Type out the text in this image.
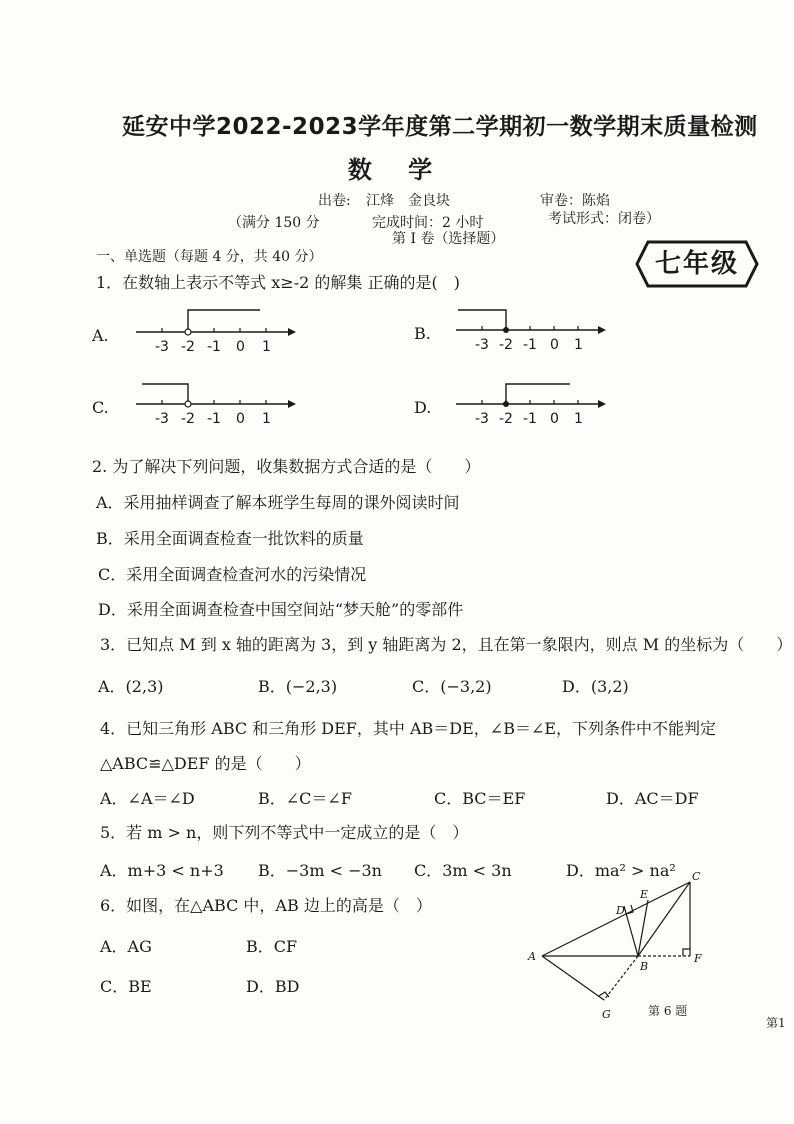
延安中学2022-2023学年度第二学期初一数学期末质量检测
数 学
出卷: 江烽　金良块	审卷：陈焰
（满分 150 分	完成时间：2 小时	考试形式：闭卷）
第 I 卷（选择题）
七年级
一、单选题（每题 4 分，共 40 分）
1．在数轴上表示不等式 x≥-2 的解集 正确的是(　)
A.
-3 -2 -1 0 1
B.
-3 -2 -1 0 1
C.
-3 -2 -1 0 1
D.
-3 -2 -1 0 1
2. 为了解决下列问题，收集数据方式合适的是（　　）
A．采用抽样调查了解本班学生每周的课外阅读时间
B．采用全面调查检查一批饮料的质量
C．采用全面调查检查河水的污染情况
D．采用全面调查检查中国空间站“梦天舱”的零部件
3．已知点 M 到 x 轴的距离为 3，到 y 轴距离为 2，且在第一象限内，则点 M 的坐标为（　　）
A．(2,3)	B．(−2,3)	C．(−3,2)	D．(3,2)
4．已知三角形 ABC 和三角形 DEF，其中 AB＝DE，∠B＝∠E，下列条件中不能判定
△ABC≌△DEF 的是（　　）
A．∠A＝∠D	B．∠C＝∠F	C．BC＝EF	D．AC＝DF
5．若 m > n，则下列不等式中一定成立的是（　）
A．m+3 < n+3 B．−3m < −3n C．3m < 3n	D．ma² > na²
6．如图，在△ABC 中，AB 边上的高是（　）
A．AG	B．CF
C．BE	D．BD
A
B
C
D
E
F
G	第 6 题
第1
